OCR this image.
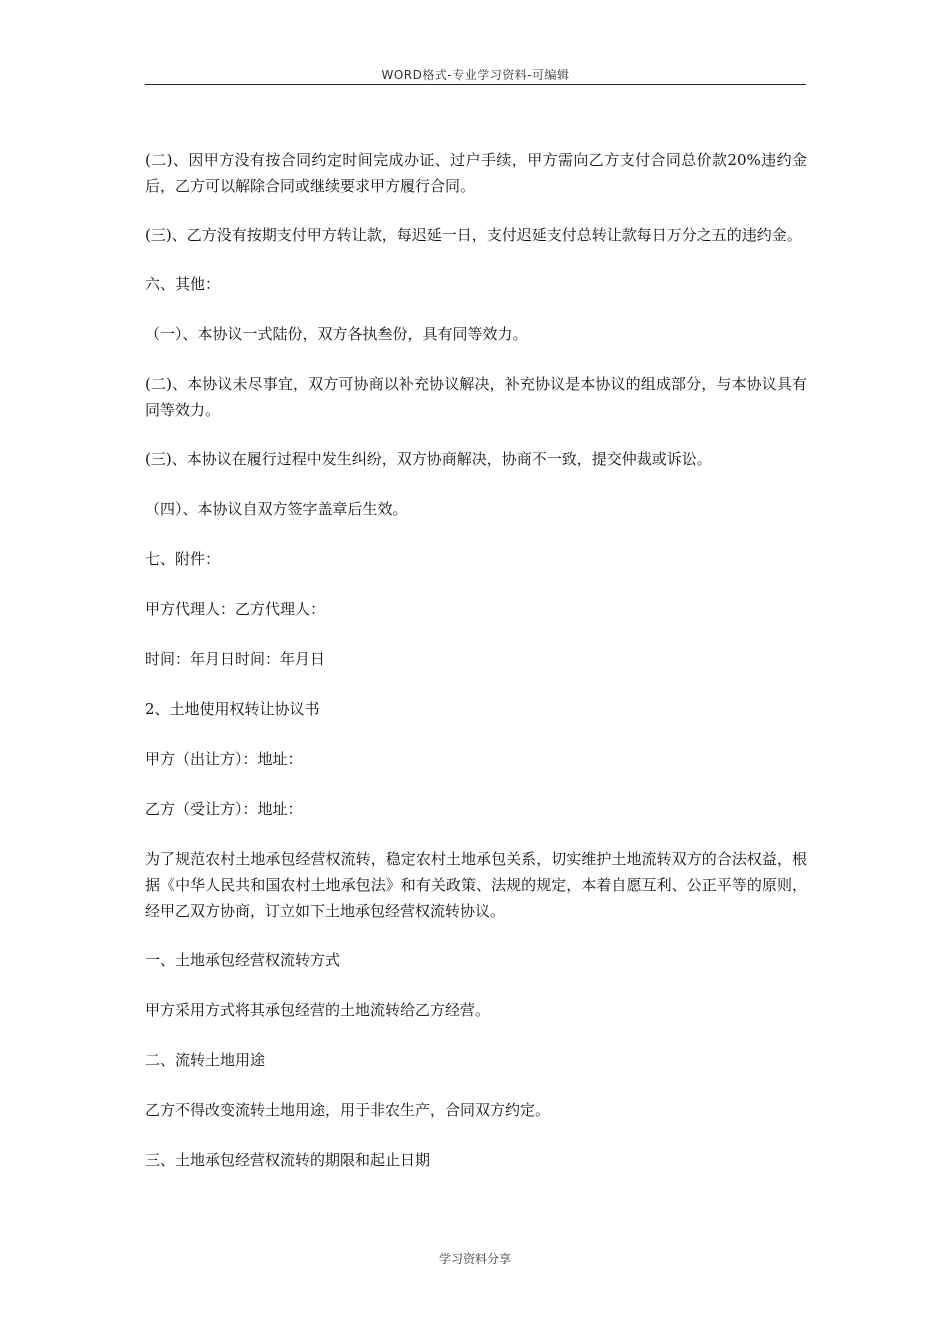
WORD格式-专业学习资料-可编辑

(二)、因甲方没有按合同约定时间完成办证、过户手续，甲方需向乙方支付合同总价款20%违约金后，乙方可以解除合同或继续要求甲方履行合同。

(三)、乙方没有按期支付甲方转让款，每迟延一日，支付迟延支付总转让款每日万分之五的违约金。

六、其他：

（一）、本协议一式陆份，双方各执叁份，具有同等效力。

(二)、本协议未尽事宜，双方可协商以补充协议解决，补充协议是本协议的组成部分，与本协议具有同等效力。

(三)、本协议在履行过程中发生纠纷，双方协商解决，协商不一致，提交仲裁或诉讼。

（四）、本协议自双方签字盖章后生效。

七、附件：

甲方代理人：乙方代理人：

时间：年月日时间：年月日

2、土地使用权转让协议书

甲方（出让方）：地址：

乙方（受让方）：地址：

为了规范农村土地承包经营权流转，稳定农村土地承包关系，切实维护土地流转双方的合法权益，根据《中华人民共和国农村土地承包法》和有关政策、法规的规定，本着自愿互利、公正平等的原则，经甲乙双方协商，订立如下土地承包经营权流转协议。

一、土地承包经营权流转方式

甲方采用方式将其承包经营的土地流转给乙方经营。

二、流转土地用途

乙方不得改变流转土地用途，用于非农生产，合同双方约定。

三、土地承包经营权流转的期限和起止日期

学习资料分享
